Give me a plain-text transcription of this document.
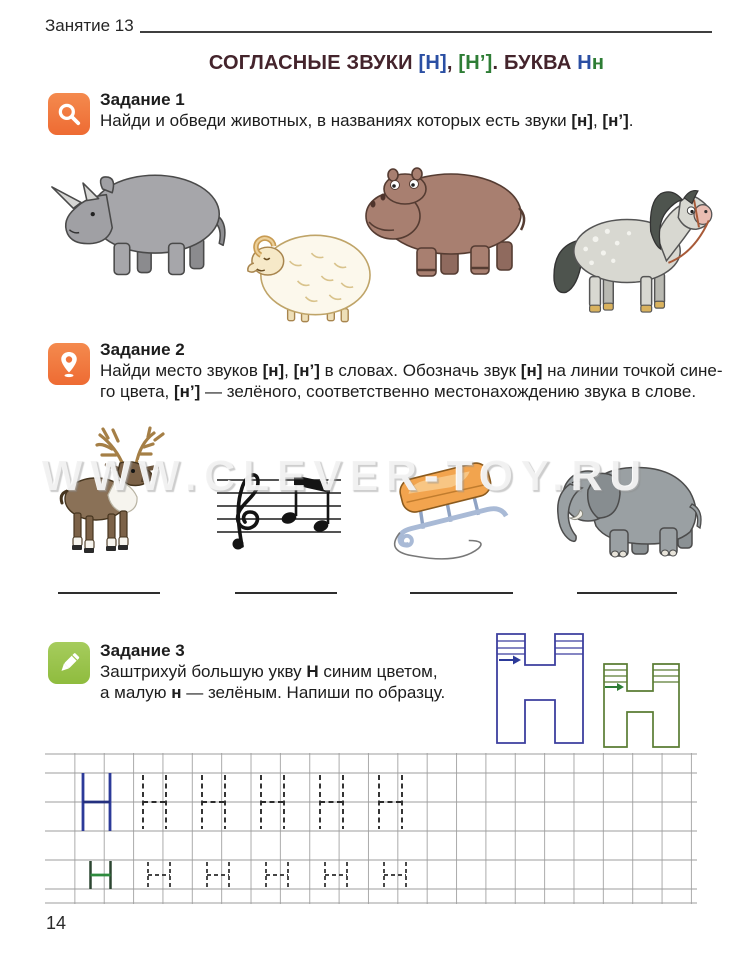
Занятие 13
СОГЛАСНЫЕ ЗВУКИ [Н], [Н’]. БУКВА Нн
Задание 1
Найди и обведи животных, в названиях которых есть звуки [н], [н’].
Задание 2
Найди место звуков [н], [н’] в словах. Обозначь звук [н] на линии точкой сине-
го цвета, [н’] — зелёного, соответственно местонахождению звука в слове.
WWW.CLEVER-TOY.RU
Задание 3
Заштрихуй большую укву Н синим цветом,
а малую н — зелёным. Напиши по образцу.
14
